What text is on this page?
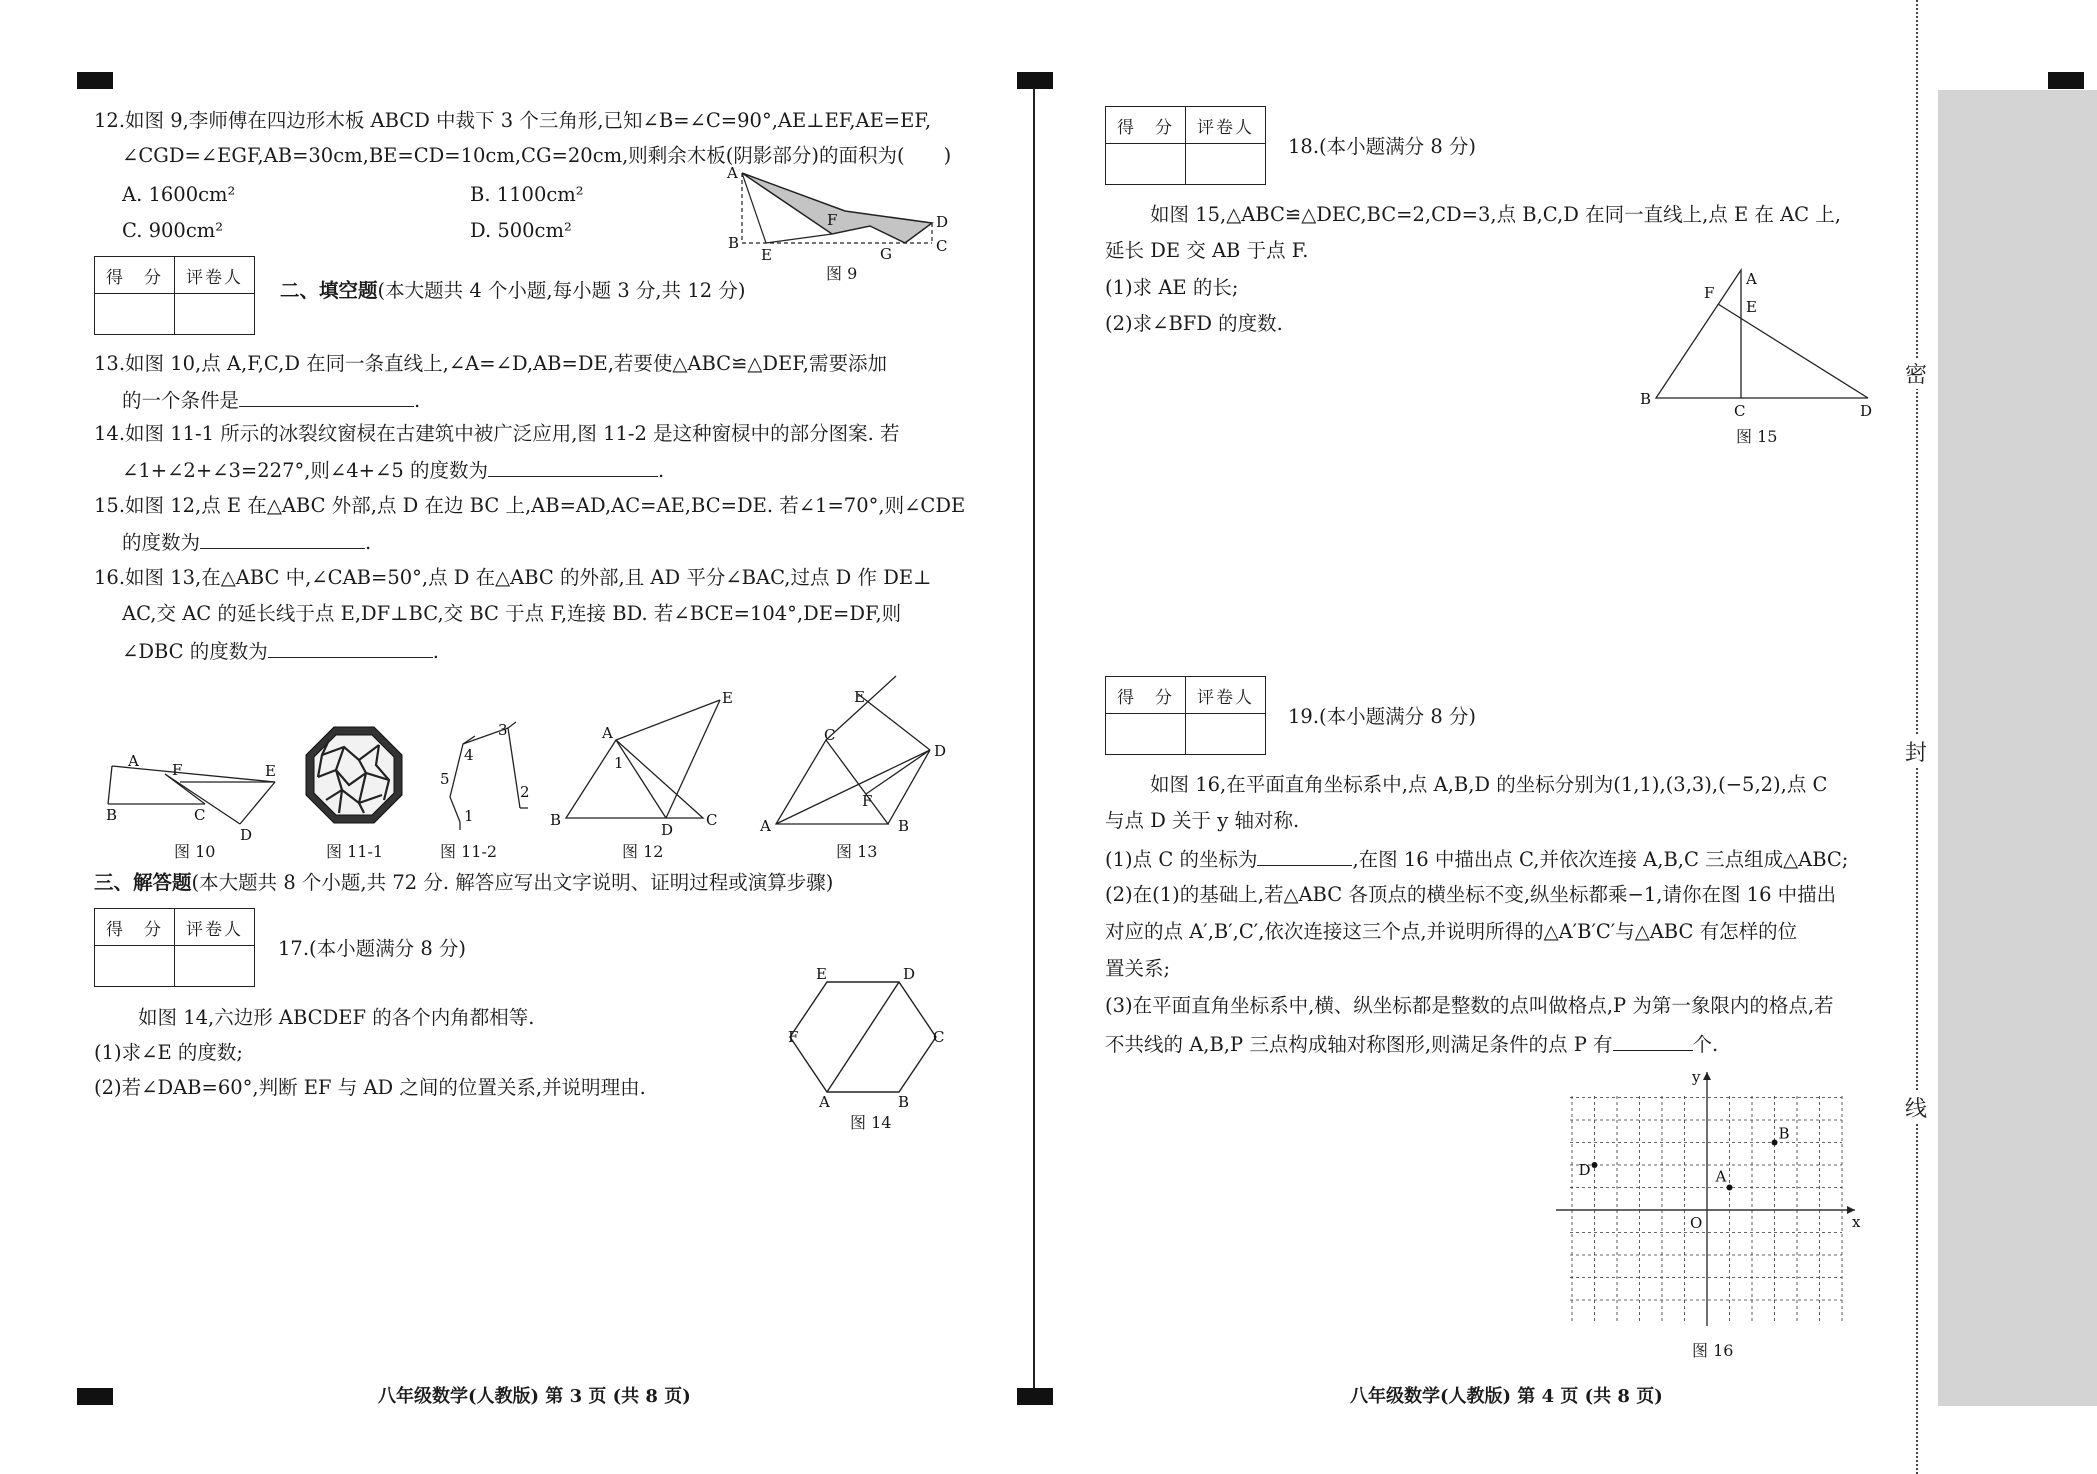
密
封
线
12.如图 9,李师傅在四边形木板 ABCD 中裁下 3 个三角形,已知∠B=∠C=90°,AE⊥EF,AE=EF,
∠CGD=∠EGF,AB=30cm,BE=CD=10cm,CG=20cm,则剩余木板(阴影部分)的面积为(　　)
A. 1600cm²	B. 1100cm²
C. 900cm²	D. 500cm²
A
B
E
F
G
D
C
图 9
得　分	评卷人

二、填空题(本大题共 4 个小题,每小题 3 分,共 12 分)
13.如图 10,点 A,F,C,D 在同一条直线上,∠A=∠D,AB=DE,若要使△ABC≌△DEF,需要添加
的一个条件是	.
14.如图 11-1 所示的冰裂纹窗棂在古建筑中被广泛应用,图 11-2 是这种窗棂中的部分图案. 若
∠1+∠2+∠3=227°,则∠4+∠5 的度数为	.
15.如图 12,点 E 在△ABC 外部,点 D 在边 BC 上,AB=AD,AC=AE,BC=DE. 若∠1=70°,则∠CDE
的度数为	.
16.如图 13,在△ABC 中,∠CAB=50°,点 D 在△ABC 的外部,且 AD 平分∠BAC,过点 D 作 DE⊥
AC,交 AC 的延长线于点 E,DF⊥BC,交 BC 于点 F,连接 BD. 若∠BCE=104°,DE=DF,则
∠DBC 的度数为	.
A
B
F
C
E
D
图 10	图 11-1
1
2
3
4
5
图 11-2
A
1
B
D
C
E
图 12
E
C
D
F
A	B
图 13
三、解答题(本大题共 8 个小题,共 72 分. 解答应写出文字说明、证明过程或演算步骤)
得　分	评卷人

17.(本小题满分 8 分)
如图 14,六边形 ABCDEF 的各个内角都相等.
(1)求∠E 的度数;
(2)若∠DAB=60°,判断 EF 与 AD 之间的位置关系,并说明理由.
E	D
C
F
A	B
图 14
八年级数学(人教版) 第 3 页 (共 8 页)
得　分	评卷人

18.(本小题满分 8 分)
如图 15,△ABC≌△DEC,BC=2,CD=3,点 B,C,D 在同一直线上,点 E 在 AC 上,
延长 DE 交 AB 于点 F.
(1)求 AE 的长;
(2)求∠BFD 的度数.
A
F
E
B
C	D
图 15
得　分	评卷人

19.(本小题满分 8 分)
如图 16,在平面直角坐标系中,点 A,B,D 的坐标分别为(1,1),(3,3),(−5,2),点 C
与点 D 关于 y 轴对称.
(1)点 C 的坐标为	,在图 16 中描出点 C,并依次连接 A,B,C 三点组成△ABC;
(2)在(1)的基础上,若△ABC 各顶点的横坐标不变,纵坐标都乘−1,请你在图 16 中描出
对应的点 A′,B′,C′,依次连接这三个点,并说明所得的△A′B′C′与△ABC 有怎样的位
置关系;
(3)在平面直角坐标系中,横、纵坐标都是整数的点叫做格点,P 为第一象限内的格点,若
不共线的 A,B,P 三点构成轴对称图形,则满足条件的点 P 有	个.
A
B
D
O	x
y
图 16
八年级数学(人教版) 第 4 页 (共 8 页)
